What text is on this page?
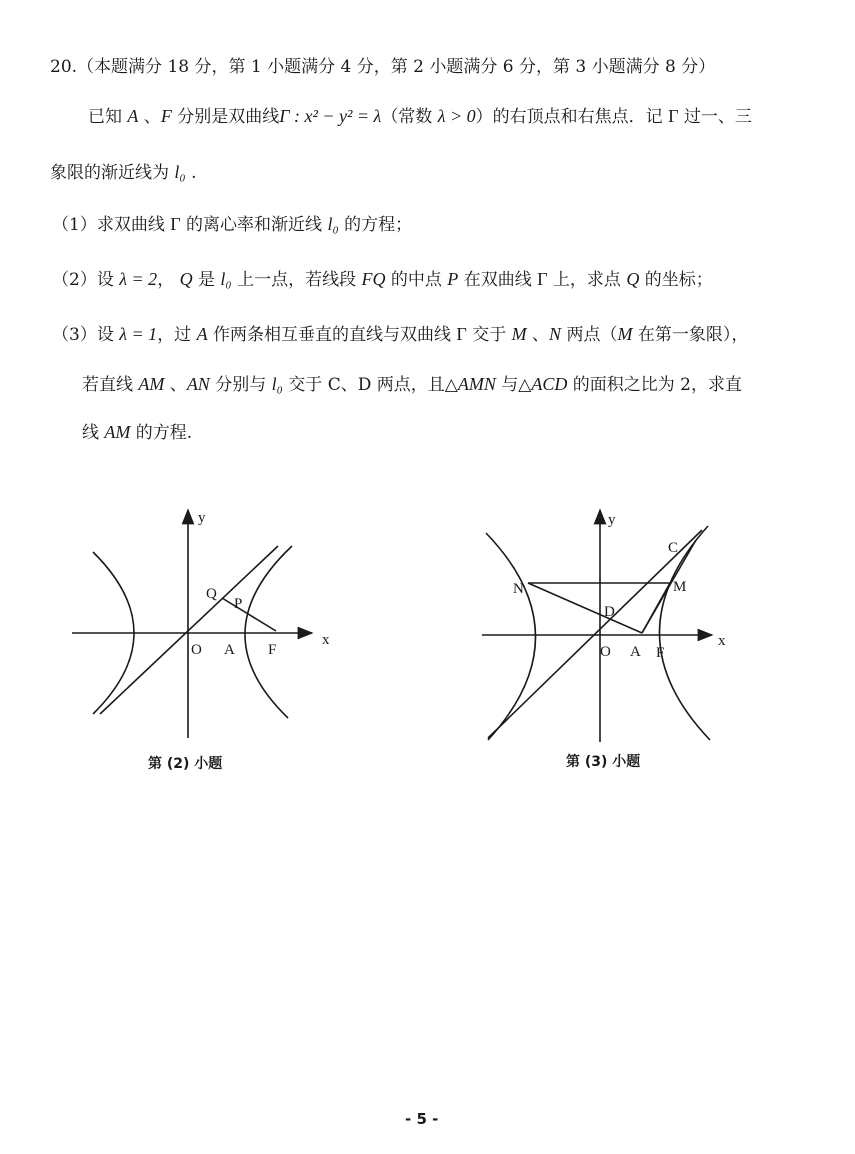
20.（本题满分 18 分，第 1 小题满分 4 分，第 2 小题满分 6 分，第 3 小题满分 8 分）
已知 A 、F 分别是双曲线Γ : x² − y² = λ（常数 λ > 0）的右顶点和右焦点．记 Γ 过一、三
象限的渐近线为 l₀ .
（1）求双曲线 Γ 的离心率和渐近线 l₀ 的方程；
（2）设 λ = 2， Q 是 l₀ 上一点，若线段 FQ 的中点 P 在双曲线 Γ 上，求点 Q 的坐标；
（3）设 λ = 1，过 A 作两条相互垂直的直线与双曲线 Γ 交于 M 、N 两点（M 在第一象限），
若直线 AM 、AN 分别与 l₀ 交于 C、D 两点，且△AMN 与△ACD 的面积之比为 2，求直
线 AM 的方程.
y
x
O A F
Q
P
第 (2) 小题
y
x
O A F
C
M
N
D
第 (3) 小题
- 5 -
